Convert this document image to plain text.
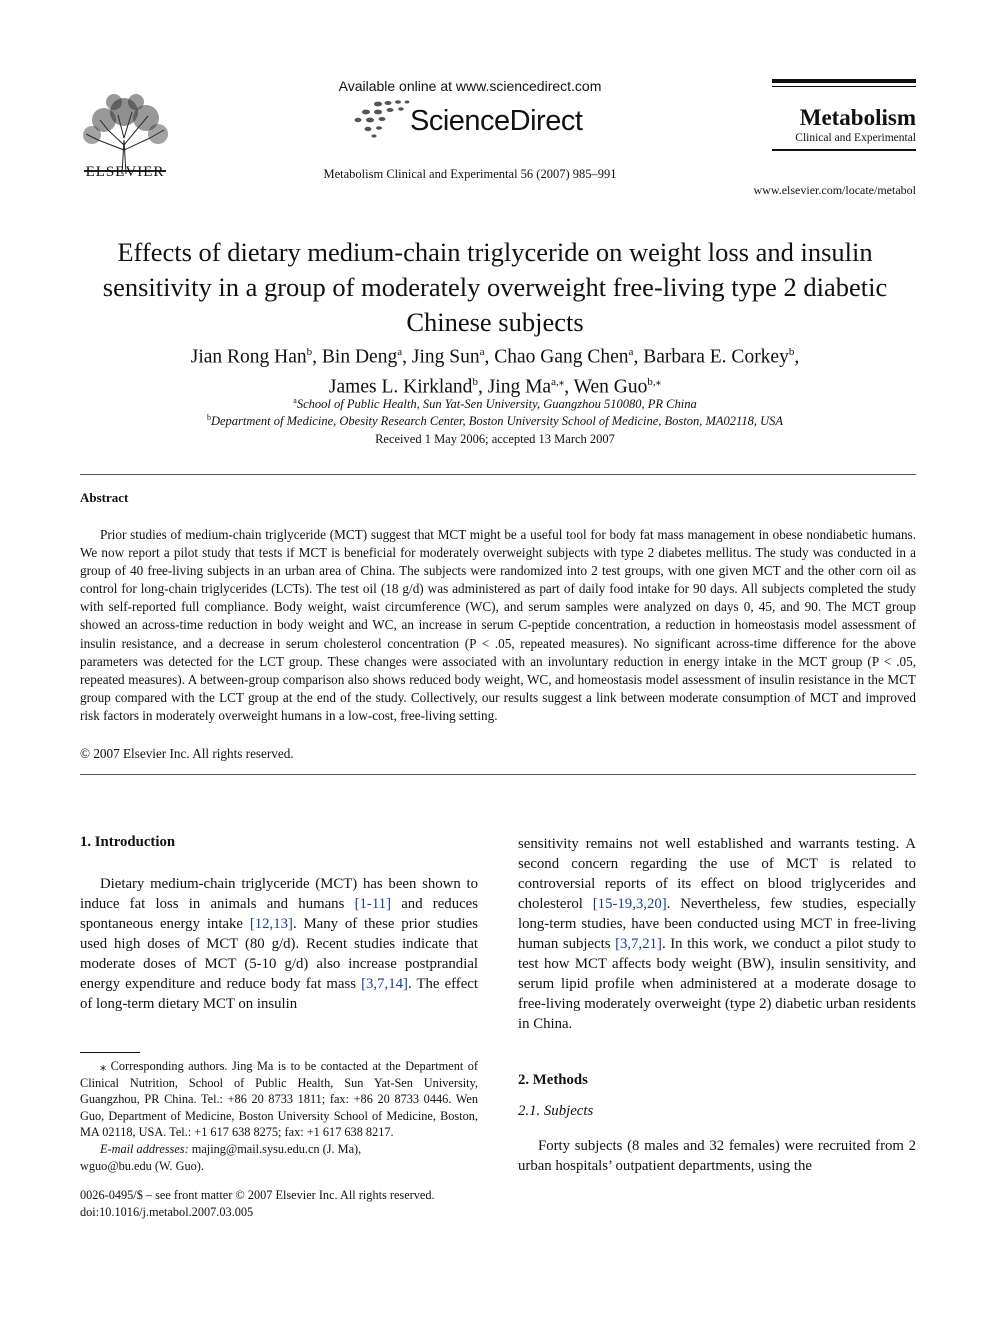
ELSEVIER
Available online at www.sciencedirect.com
ScienceDirect
Metabolism Clinical and Experimental 56 (2007) 985–991
Metabolism
Clinical and Experimental
www.elsevier.com/locate/metabol
Effects of dietary medium-chain triglyceride on weight loss and insulin sensitivity in a group of moderately overweight free-living type 2 diabetic Chinese subjects
Jian Rong Han$^b$, Bin Deng$^a$, Jing Sun$^a$, Chao Gang Chen$^a$, Barbara E. Corkey$^b$,
James L. Kirkland$^b$, Jing $Ma^{a,⁎}$, Wen Guo$^{b,⁎}$
$^a$School of Public Health, Sun Yat-Sen University, Guangzhou 510080, PR China
$^b$Department of Medicine, Obesity Research Center, Boston University School of Medicine, Boston, MA02118, USA
Received 1 May 2006; accepted 13 March 2007
Abstract
Prior studies of medium-chain triglyceride (MCT) suggest that MCT might be a useful tool for body fat mass management in obese nondiabetic humans. We now report a pilot study that tests if MCT is beneficial for moderately overweight subjects with type 2 diabetes mellitus. The study was conducted in a group of 40 free-living subjects in an urban area of China. The subjects were randomized into 2 test groups, with one given MCT and the other corn oil as control for long-chain triglycerides (LCTs). The test oil (18 g/d) was administered as part of daily food intake for 90 days. All subjects completed the study with self-reported full compliance. Body weight, waist circumference (WC), and serum samples were analyzed on days 0, 45, and 90. The MCT group showed an across-time reduction in body weight and WC, an increase in serum C-peptide concentration, a reduction in homeostasis model assessment of insulin resistance, and a decrease in serum cholesterol concentration (P < .05, repeated measures). No significant across-time difference for the above parameters was detected for the LCT group. These changes were associated with an involuntary reduction in energy intake in the MCT group (P < .05, repeated measures). A between-group comparison also shows reduced body weight, WC, and homeostasis model assessment of insulin resistance in the MCT group compared with the LCT group at the end of the study. Collectively, our results suggest a link between moderate consumption of MCT and improved risk factors in moderately overweight humans in a low-cost, free-living setting.
© 2007 Elsevier Inc. All rights reserved.
1. Introduction
Dietary medium-chain triglyceride (MCT) has been shown to induce fat loss in animals and humans [1-11] and reduces spontaneous energy intake [12,13]. Many of these prior studies used high doses of MCT (80 g/d). Recent studies indicate that moderate doses of MCT (5-10 g/d) also increase postprandial energy expenditure and reduce body fat mass [3,7,14]. The effect of long-term dietary MCT on insulin
sensitivity remains not well established and warrants testing. A second concern regarding the use of MCT is related to controversial reports of its effect on blood triglycerides and cholesterol [15-19,3,20]. Nevertheless, few studies, especially long-term studies, have been conducted using MCT in free-living human subjects [3,7,21]. In this work, we conduct a pilot study to test how MCT affects body weight (BW), insulin sensitivity, and serum lipid profile when administered at a moderate dosage to free-living moderately overweight (type 2) diabetic urban residents in China.
2. Methods
2.1. Subjects
Forty subjects (8 males and 32 females) were recruited from 2 urban hospitals’ outpatient departments, using the
⁎ Corresponding authors. Jing Ma is to be contacted at the Department of Clinical Nutrition, School of Public Health, Sun Yat-Sen University, Guangzhou, PR China. Tel.: +86 20 8733 1811; fax: +86 20 8733 0446. Wen Guo, Department of Medicine, Boston University School of Medicine, Boston, MA 02118, USA. Tel.: +1 617 638 8275; fax: +1 617 638 8217.
E-mail addresses: majing@mail.sysu.edu.cn (J. Ma),
wguo@bu.edu (W. Guo).
0026-0495/$ – see front matter © 2007 Elsevier Inc. All rights reserved.
doi:10.1016/j.metabol.2007.03.005
